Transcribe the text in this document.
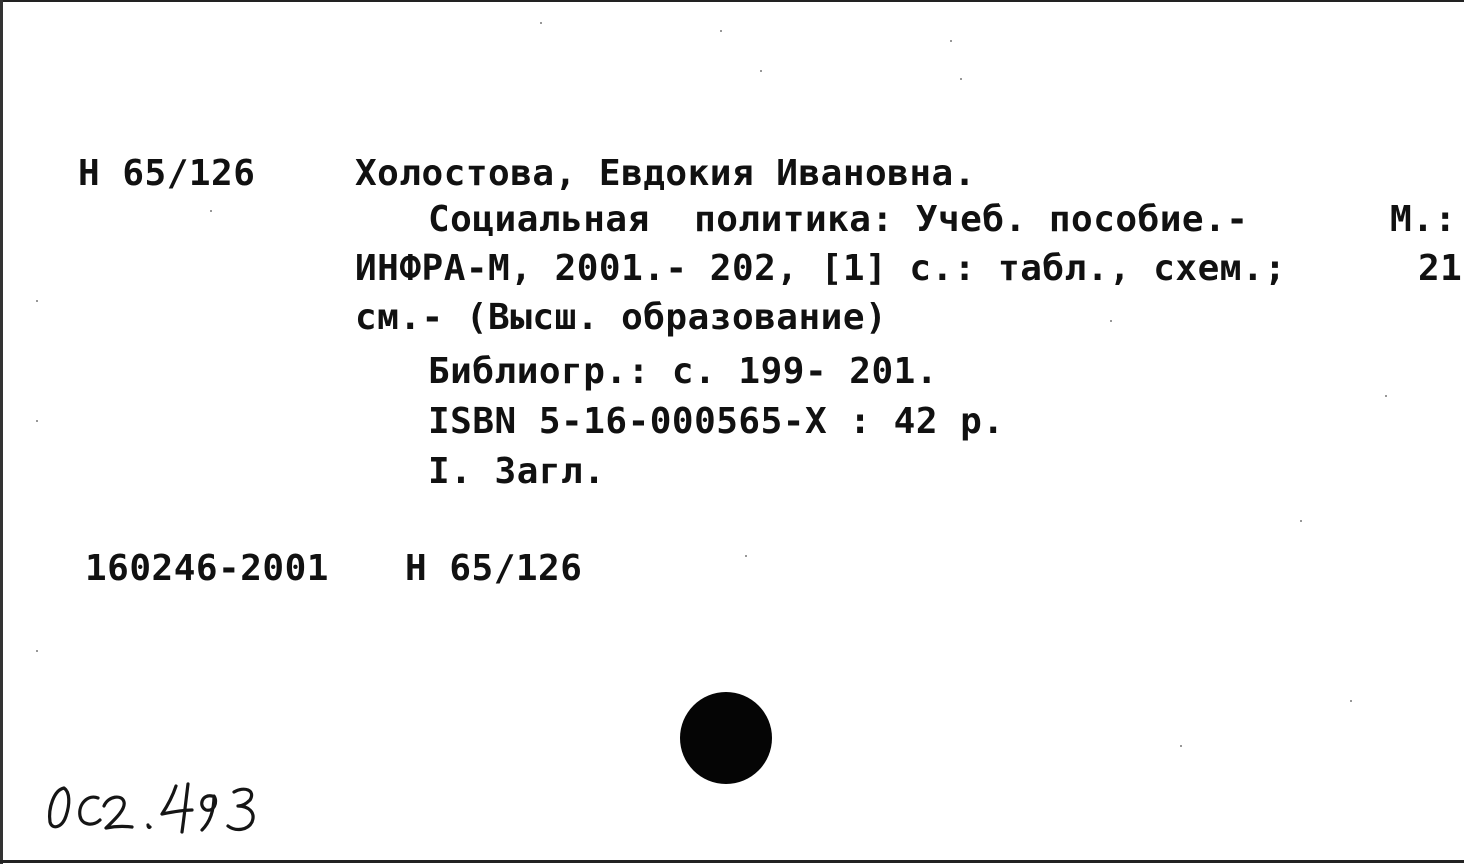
Н 65/126	Холостова, Евдокия Ивановна.
Социальная  политика: Учеб. пособие.-	М.:
ИНФРА-М, 2001.- 202, [1] с.: табл., схем.;	21
см.- (Высш. образование)
Библиогр.: с. 199- 201.
ISBN 5-16-000565-X : 42 р.
I. Загл.
160246-2001 Н 65/126
